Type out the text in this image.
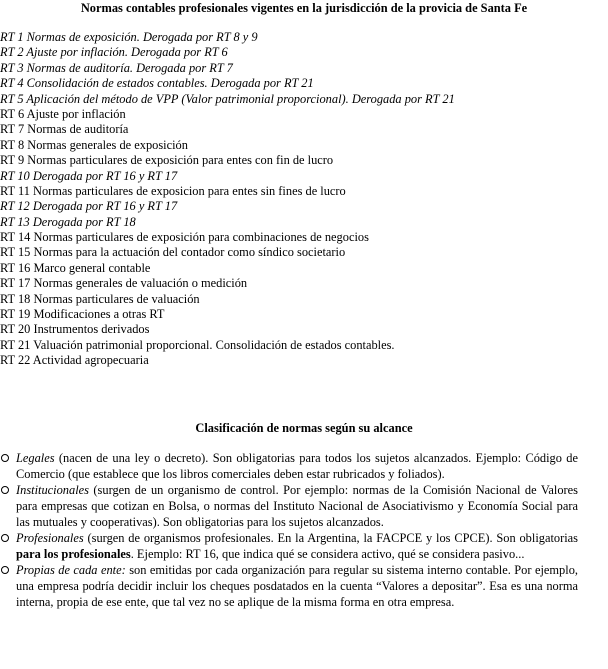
Normas contables profesionales vigentes en la jurisdicción de la provicia de Santa Fe
RT 1 Normas de exposición. Derogada por RT 8 y 9
RT 2 Ajuste por inflación. Derogada por RT 6
RT 3 Normas de auditoría. Derogada por RT 7
RT 4 Consolidación de estados contables. Derogada por RT 21
RT 5 Aplicación del método de VPP (Valor patrimonial proporcional). Derogada por RT 21
RT 6 Ajuste por inflación
RT 7 Normas de auditoría
RT 8 Normas generales de exposición
RT 9 Normas particulares de exposición para entes con fin de lucro
RT 10 Derogada por RT 16 y RT 17
RT 11 Normas particulares de exposicion para entes sin fines de lucro
RT 12 Derogada por RT 16 y RT 17
RT 13 Derogada por RT 18
RT 14 Normas particulares de exposición para combinaciones de negocios
RT 15 Normas para la actuación del contador como síndico societario
RT 16 Marco general contable
RT 17 Normas generales de valuación o medición
RT 18 Normas particulares de valuación
RT 19 Modificaciones a otras RT
RT 20 Instrumentos derivados
RT 21 Valuación patrimonial proporcional. Consolidación de estados contables.
RT 22 Actividad agropecuaria
Clasificación de normas según su alcance
Legales (nacen de una ley o decreto). Son obligatorias para todos los sujetos alcanzados. Ejemplo: Código de Comercio (que establece que los libros comerciales deben estar rubricados y foliados).
Institucionales (surgen de un organismo de control. Por ejemplo: normas de la Comisión Nacional de Valores para empresas que cotizan en Bolsa, o normas del Instituto Nacional de Asociativismo y Economía Social para las mutuales y cooperativas). Son obligatorias para los sujetos alcanzados.
Profesionales (surgen de organismos profesionales. En la Argentina, la FACPCE y los CPCE). Son obligatorias para los profesionales. Ejemplo: RT 16, que indica qué se considera activo, qué se considera pasivo...
Propias de cada ente: son emitidas por cada organización para regular su sistema interno contable. Por ejemplo, una empresa podría decidir incluir los cheques posdatados en la cuenta “Valores a depositar”. Esa es una norma interna, propia de ese ente, que tal vez no se aplique de la misma forma en otra empresa.
